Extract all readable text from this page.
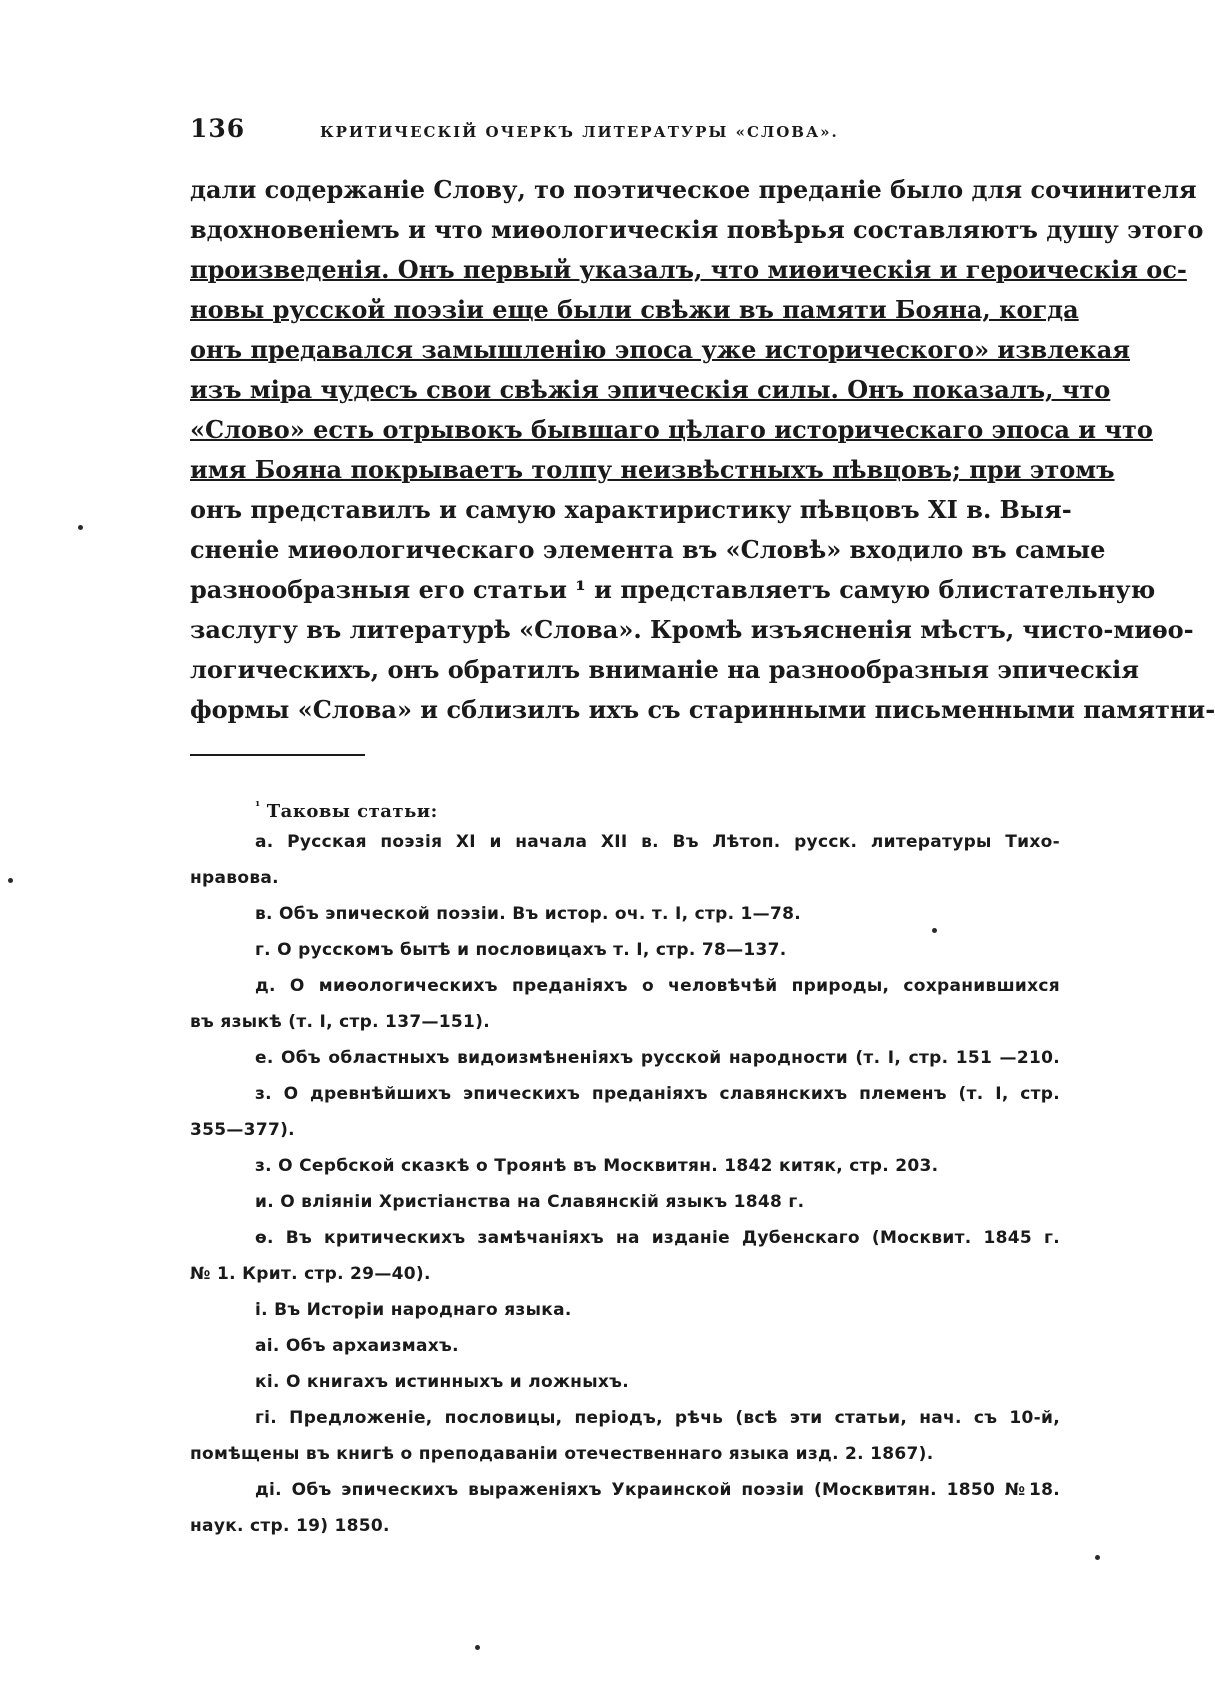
136	КРИТИЧЕСКІЙ ОЧЕРКЪ ЛИТЕРАТУРЫ «СЛОВА».
дали содержаніе Слову, то поэтическое преданіе было для сочинителя
вдохновеніемъ и что миѳологическія повѣрья составляютъ душу этого
произведенія. Онъ первый указалъ, что миѳическія и героическія ос-
новы русской поэзіи еще были свѣжи въ памяти Бояна, когда
онъ предавался замышленію эпоса уже исторического» извлекая
изъ міра чудесъ свои свѣжія эпическія силы. Онъ показалъ, что
«Слово» есть отрывокъ бывшаго цѣлаго историческаго эпоса и что
имя Бояна покрываетъ толпу неизвѣстныхъ пѣвцовъ; при этомъ
онъ представилъ и самую характиристику пѣвцовъ XI в. Выя-
сненіе миѳологическаго элемента въ «Словѣ» входило въ самые
разнообразныя его статьи ¹ и представляетъ самую блистательную
заслугу въ литературѣ «Слова». Кромѣ изъясненія мѣстъ, чисто-миѳо-
логическихъ, онъ обратилъ вниманіе на разнообразныя эпическія
формы «Слова» и сблизилъ ихъ съ старинными письменными памятни-
$^{^1}$ Таковы статьи:
а. Русская поэзія XI и начала XII в. Въ Лѣтоп. русск. литературы Тихо-
нравова.
в. Объ эпической поэзіи. Въ истор. оч. т. I, стр. 1—78.
г. О русскомъ бытѣ и пословицахъ т. I, стр. 78—137.
д. О миѳологическихъ преданіяхъ о человѣчѣй природы, сохранившихся
въ языкѣ (т. I, стр. 137—151).
е. Объ областныхъ видоизмѣненіяхъ русской народности (т. I, стр. 151 —210.
з. О древнѣйшихъ эпическихъ преданіяхъ славянскихъ племенъ (т. I, стр.
355—377).
з. О Сербской сказкѣ о Троянѣ въ Москвитян. 1842 китяк, стр. 203.
и. О вліяніи Христіанства на Славянскій языкъ 1848 г.
ѳ. Въ критическихъ замѣчаніяхъ на изданіе Дубенскаго (Москвит. 1845 г.
№ 1. Крит. стр. 29—40).
і. Въ Исторіи народнаго языка.
ai. Объ архаизмахъ.
кi. О книгахъ истинныхъ и ложныхъ.
гi. Предложеніе, пословицы, періодъ, рѣчь (всѣ эти статьи, нач. съ 10-й,
помѣщены въ книгѣ о преподаваніи отечественнаго языка изд. 2. 1867).
дi. Объ эпическихъ выраженіяхъ Украинской поэзіи (Москвитян. 1850 №18.
наук. стр. 19) 1850.
